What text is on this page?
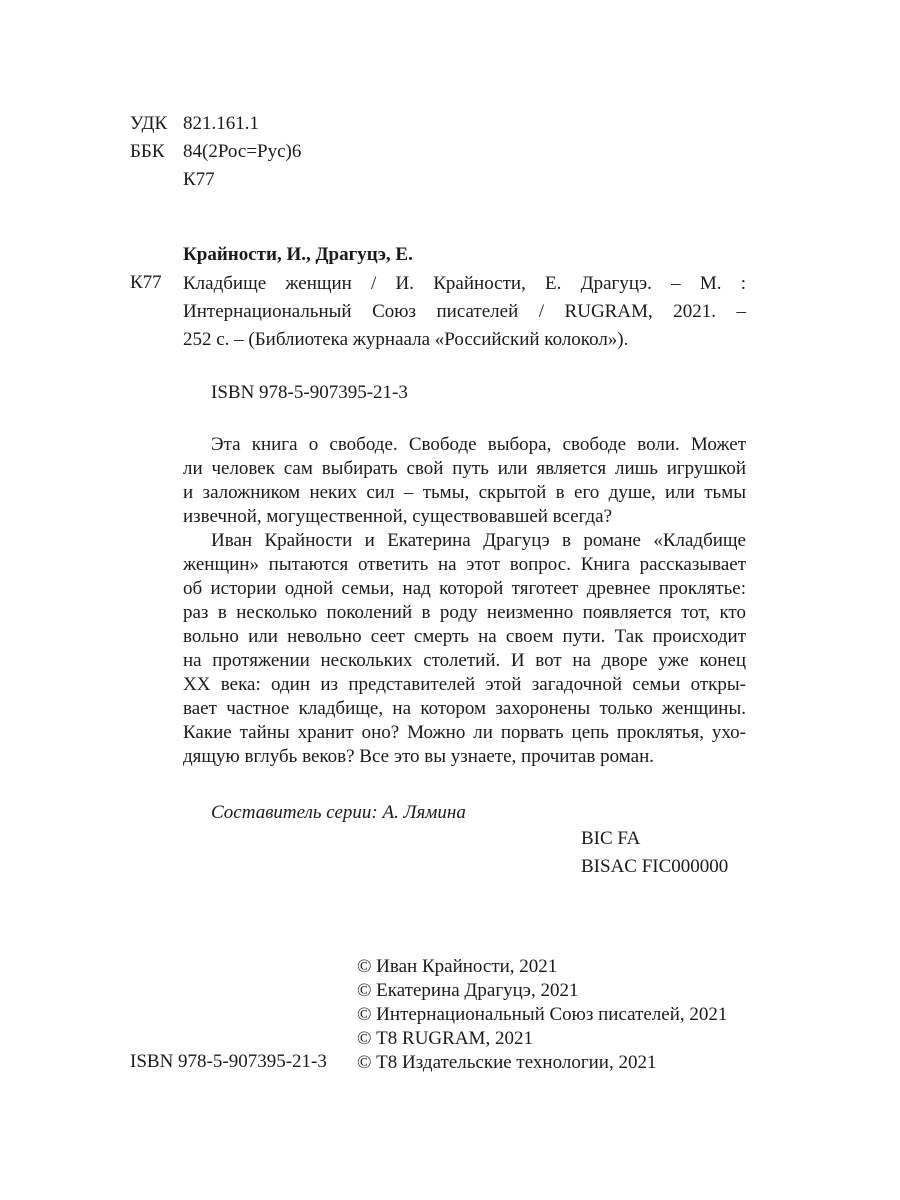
УДК 821.161.1
ББК 84(2Рос=Рус)6
К77
Крайности, И., Драгуцэ, Е.
К77 Кладбище женщин / И. Крайности, Е. Драгуцэ. – М. :
Интернациональный Союз писателей / RUGRAM, 2021. –
252 с. – (Библиотека журнаала «Российский колокол»).
ISBN 978-5-907395-21-3
Эта книга о свободе. Свободе выбора, свободе воли. Может
ли человек сам выбирать свой путь или является лишь игрушкой
и заложником неких сил – тьмы, скрытой в его душе, или тьмы
извечной, могущественной, существовавшей всегда?
Иван Крайности и Екатерина Драгуцэ в романе «Кладбище
женщин» пытаются ответить на этот вопрос. Книга рассказывает
об истории одной семьи, над которой тяготеет древнее проклятье:
раз в несколько поколений в роду неизменно появляется тот, кто
вольно или невольно сеет смерть на своем пути. Так происходит
на протяжении нескольких столетий. И вот на дворе уже конец
XX века: один из представителей этой загадочной семьи откры-
вает частное кладбище, на котором захоронены только женщины.
Какие тайны хранит оно? Можно ли порвать цепь проклятья, ухо-
дящую вглубь веков? Все это вы узнаете, прочитав роман.
Составитель серии: А. Лямина
BIC FA
BISAC FIC000000
© Иван Крайности, 2021
© Екатерина Драгуцэ, 2021
© Интернациональный Союз писателей, 2021
© Т8 RUGRAM, 2021
© Т8 Издательские технологии, 2021
ISBN 978-5-907395-21-3
